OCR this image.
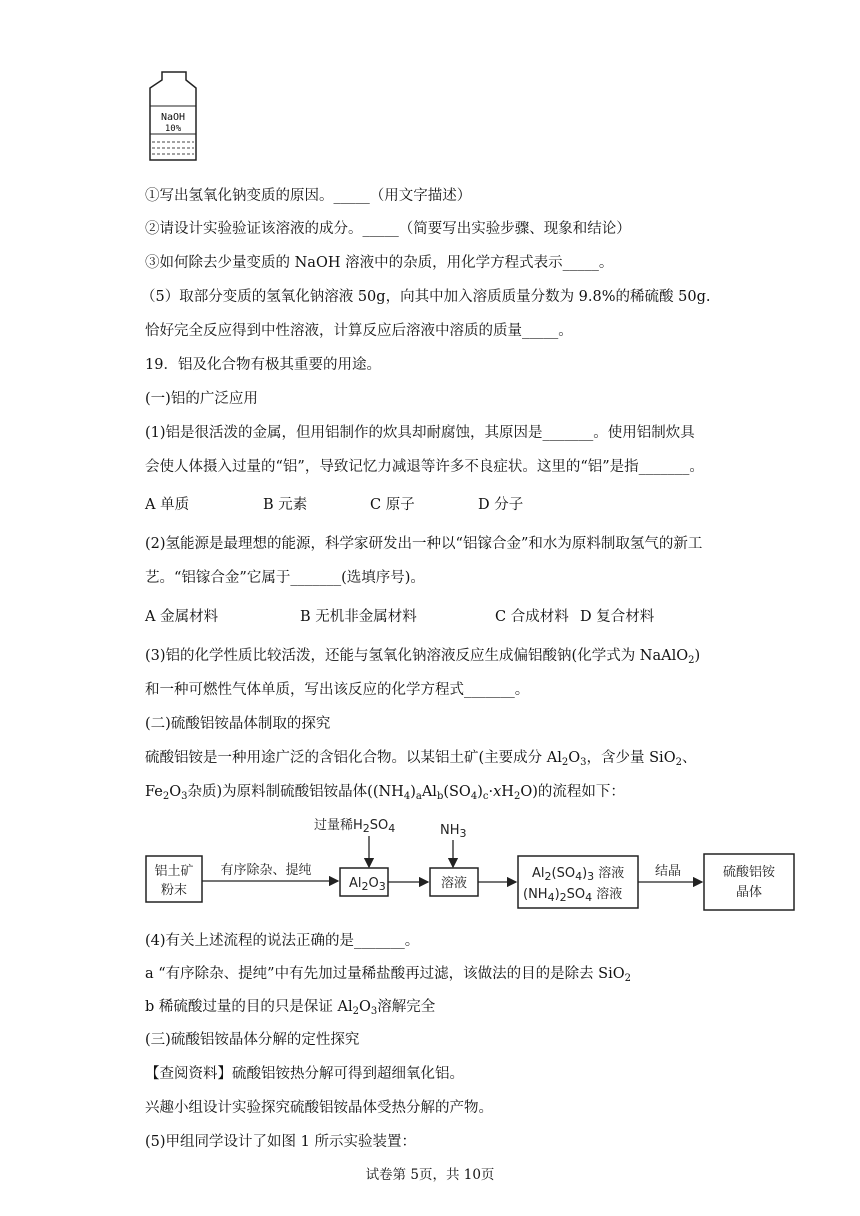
NaOH
10%
①写出氢氧化钠变质的原因。_____（用文字描述）
②请设计实验验证该溶液的成分。_____（简要写出实验步骤、现象和结论）
③如何除去少量变质的 NaOH 溶液中的杂质，用化学方程式表示_____。
（5）取部分变质的氢氧化钠溶液 50g，向其中加入溶质质量分数为 9.8%的稀硫酸 50g.
恰好完全反应得到中性溶液，计算反应后溶液中溶质的质量_____。
19．铝及化合物有极其重要的用途。
(一)铝的广泛应用
(1)铝是很活泼的金属，但用铝制作的炊具却耐腐蚀，其原因是_______。使用铝制炊具
会使人体摄入过量的“铝”，导致记忆力减退等许多不良症状。这里的“铝”是指_______。
A 单质	B 元素	C 原子	D 分子
(2)氢能源是最理想的能源，科学家研发出一种以“铝镓合金”和水为原料制取氢气的新工
艺。“铝镓合金”它属于_______(选填序号)。
A 金属材料	B 无机非金属材料	C 合成材料 D 复合材料
(3)铝的化学性质比较活泼，还能与氢氧化钠溶液反应生成偏铝酸钠(化学式为 NaAlO$_2$)
和一种可燃性气体单质，写出该反应的化学方程式_______。
(二)硫酸铝铵晶体制取的探究
硫酸铝铵是一种用途广泛的含铝化合物。以某铝土矿(主要成分 $Al_2O_3$，含少量 SiO$_2$、
$Fe_2O_3$杂质)为原料制硫酸铝铵晶体$((NH_4)_aAl_b(SO_4)_c\cdot xH_2O)$的流程如下：
铝土矿
粉末
有序除杂、提纯
过量稀$H_2SO_4$
$Al_2O_3$
$NH_3$
溶液
$Al_2(SO_4)_3$ 溶液
$(NH_4)_2SO_4$ 溶液
结晶	硫酸铝铵
晶体
(4)有关上述流程的说法正确的是_______。
a “有序除杂、提纯”中有先加过量稀盐酸再过滤，该做法的目的是除去 SiO$_2$
b 稀硫酸过量的目的只是保证 $Al_2O_3$溶解完全
(三)硫酸铝铵晶体分解的定性探究
【查阅资料】硫酸铝铵热分解可得到超细氧化铝。
兴趣小组设计实验探究硫酸铝铵晶体受热分解的产物。
(5)甲组同学设计了如图 1 所示实验装置：
试卷第 5页，共 10页
